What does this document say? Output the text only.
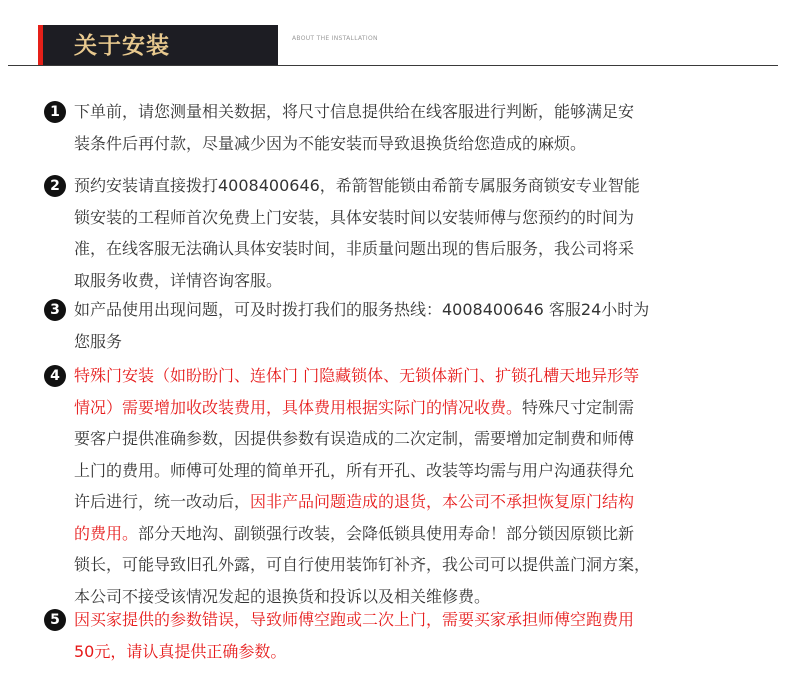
关于安装	ABOUT THE INSTALLATION
1 下单前，请您测量相关数据，将尺寸信息提供给在线客服进行判断，能够满足安
装条件后再付款，尽量减少因为不能安装而导致退换货给您造成的麻烦。
2 预约安装请直接拨打4008400646，希箭智能锁由希箭专属服务商锁安专业智能
锁安装的工程师首次免费上门安装，具体安装时间以安装师傅与您预约的时间为
准，在线客服无法确认具体安装时间，非质量问题出现的售后服务，我公司将采
取服务收费，详情咨询客服。
3 如产品使用出现问题，可及时拨打我们的服务热线：4008400646 客服24小时为
您服务
4 特殊门安装（如盼盼门、连体门 门隐藏锁体、无锁体新门、扩锁孔槽天地异形等
情况）需要增加收改装费用，具体费用根据实际门的情况收费。特殊尺寸定制需
要客户提供准确参数，因提供参数有误造成的二次定制，需要增加定制费和师傅
上门的费用。师傅可处理的简单开孔，所有开孔、改装等均需与用户沟通获得允
许后进行，统一改动后，因非产品问题造成的退货，本公司不承担恢复原门结构
的费用。部分天地沟、副锁强行改装，会降低锁具使用寿命！部分锁因原锁比新
锁长，可能导致旧孔外露，可自行使用装饰钉补齐，我公司可以提供盖门洞方案，
本公司不接受该情况发起的退换货和投诉以及相关维修费。
5 因买家提供的参数错误，导致师傅空跑或二次上门，需要买家承担师傅空跑费用
50元，请认真提供正确参数。
